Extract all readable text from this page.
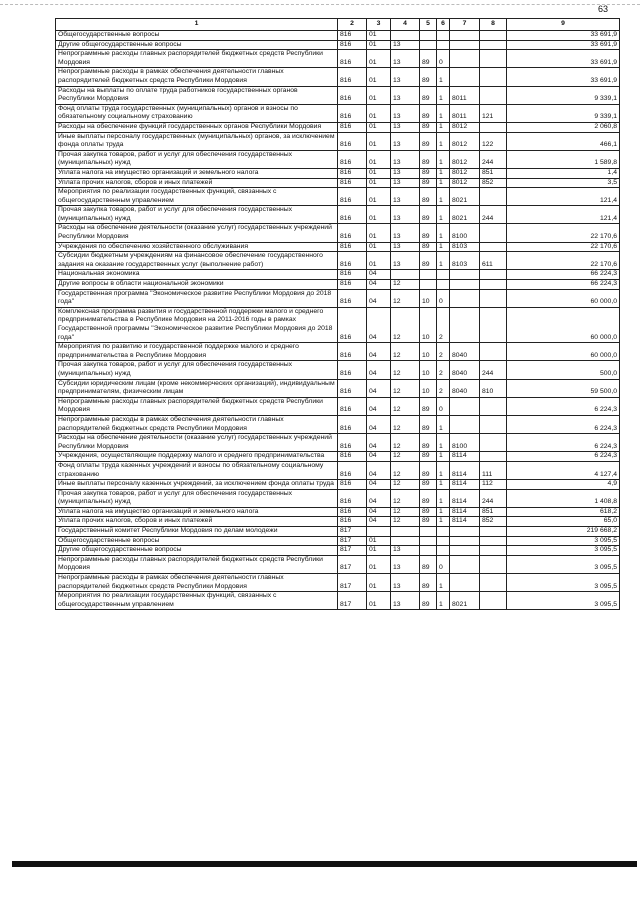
63
1	2	3	4	5	6	7	8	9
Общегосударственные вопросы	816	01						33 691,9
Другие общегосударственные вопросы	816	01	13					33 691,9
Непрограммные расходы главных распорядителей бюджетных средств Республики Мордовия	816	01	13	89	0			33 691,9
Непрограммные расходы в рамках обеспечения деятельности главных распорядителей бюджетных средств Республики Мордовия	816	01	13	89	1			33 691,9
Расходы на выплаты по оплате труда работников государственных органов Республики Мордовия	816	01	13	89	1	8011		9 339,1
Фонд оплаты труда государственных (муниципальных) органов и взносы по обязательному социальному страхованию	816	01	13	89	1	8011	121	9 339,1
Расходы на обеспечение функций государственных органов Республики Мордовия	816	01	13	89	1	8012		2 060,8
Иные выплаты персоналу государственных (муниципальных) органов, за исключением фонда оплаты труда	816	01	13	89	1	8012	122	466,1
Прочая закупка товаров, работ и услуг для обеспечения государственных (муниципальных) нужд	816	01	13	89	1	8012	244	1 589,8
Уплата налога на имущество организаций и земельного налога	816	01	13	89	1	8012	851	1,4
Уплата прочих налогов, сборов и иных платежей	816	01	13	89	1	8012	852	3,5
Мероприятия по реализации государственных функций, связанных с общегосударственным управлением	816	01	13	89	1	8021		121,4
Прочая закупка товаров, работ и услуг для обеспечения государственных (муниципальных) нужд	816	01	13	89	1	8021	244	121,4
Расходы на обеспечение деятельности (оказание услуг) государственных учреждений Республики Мордовия	816	01	13	89	1	8100		22 170,6
Учреждения по обеспечению хозяйственного обслуживания	816	01	13	89	1	8103		22 170,6
Субсидии бюджетным учреждениям на финансовое обеспечение государственного задания на оказание государственных услуг (выполнение работ)	816	01	13	89	1	8103	611	22 170,6
Национальная экономика	816	04						66 224,3
Другие вопросы в области национальной экономики	816	04	12					66 224,3
Государственная программа "Экономическое развитие Республики Мордовия до 2018 года"	816	04	12	10	0			60 000,0
Комплексная программа развития и государственной поддержки малого и среднего предпринимательства в Республике Мордовия на 2011-2016 годы в рамках Государственной программы "Экономическое развитие Республики Мордовия до 2018 года"	816	04	12	10	2			60 000,0
Мероприятия по развитию и государственной поддержке малого и среднего предпринимательства в Республике Мордовия	816	04	12	10	2	8040		60 000,0
Прочая закупка товаров, работ и услуг для обеспечения государственных (муниципальных) нужд	816	04	12	10	2	8040	244	500,0
Субсидии юридическим лицам (кроме некоммерческих организаций), индивидуальным предпринимателям, физическим лицам	816	04	12	10	2	8040	810	59 500,0
Непрограммные расходы главных распорядителей бюджетных средств Республики Мордовия	816	04	12	89	0			6 224,3
Непрограммные расходы в рамках обеспечения деятельности главных распорядителей бюджетных средств Республики Мордовия	816	04	12	89	1			6 224,3
Расходы на обеспечение деятельности (оказание услуг) государственных учреждений Республики Мордовия	816	04	12	89	1	8100		6 224,3
Учреждения, осуществляющие поддержку малого и среднего предпринимательства	816	04	12	89	1	8114		6 224,3
Фонд оплаты труда казенных учреждений и взносы по обязательному социальному страхованию	816	04	12	89	1	8114	111	4 127,4
Иные выплаты персоналу казенных учреждений, за исключением фонда оплаты труда	816	04	12	89	1	8114	112	4,9
Прочая закупка товаров, работ и услуг для обеспечения государственных (муниципальных) нужд	816	04	12	89	1	8114	244	1 408,8
Уплата налога на имущество организаций и земельного налога	816	04	12	89	1	8114	851	618,2
Уплата прочих налогов, сборов и иных платежей	816	04	12	89	1	8114	852	65,0
Государственный комитет Республики Мордовия по делам молодежи	817							219 668,2
Общегосударственные вопросы	817	01						3 095,5
Другие общегосударственные вопросы	817	01	13					3 095,5
Непрограммные расходы главных распорядителей бюджетных средств Республики Мордовия	817	01	13	89	0			3 095,5
Непрограммные расходы в рамках обеспечения деятельности главных распорядителей бюджетных средств Республики Мордовия	817	01	13	89	1			3 095,5
Мероприятия по реализации государственных функций, связанных с общегосударственным управлением	817	01	13	89	1	8021		3 095,5
